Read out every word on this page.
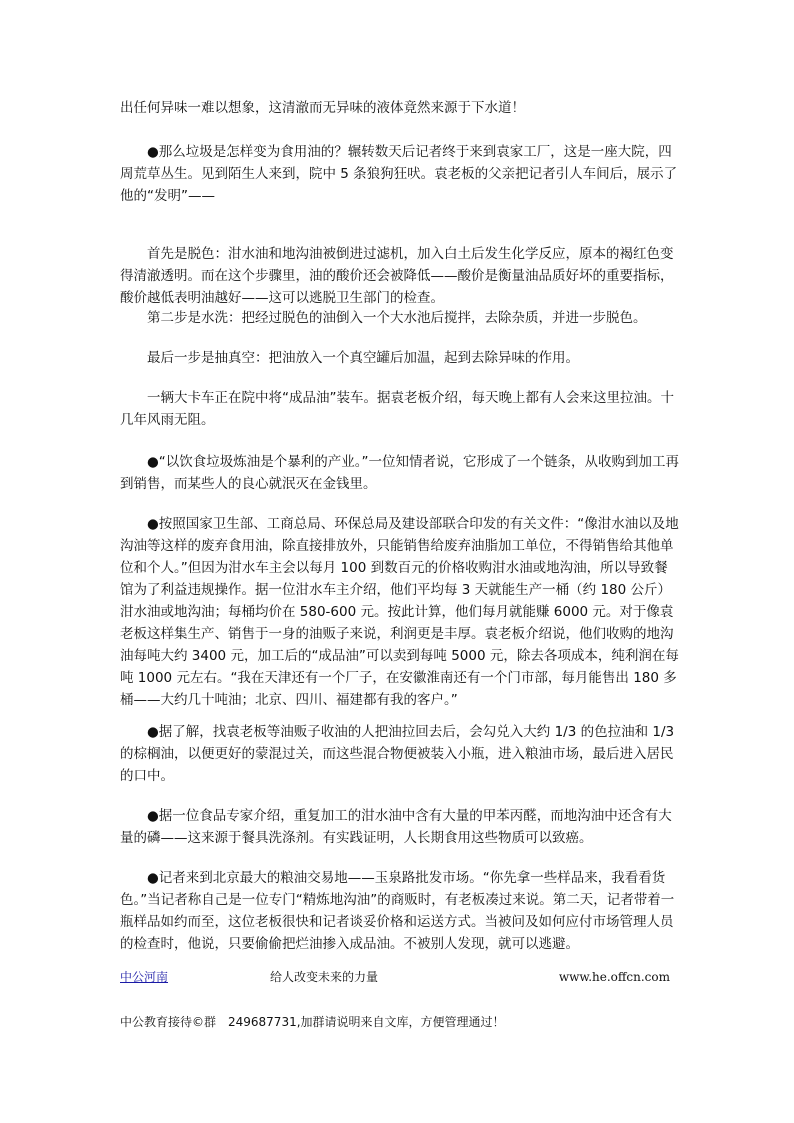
出任何异味一难以想象，这清澈而无异味的液体竟然来源于下水道！

●那么垃圾是怎样变为食用油的？辗转数天后记者终于来到袁家工厂，这是一座大院，四周荒草丛生。见到陌生人来到，院中 5 条狼狗狂吠。袁老板的父亲把记者引人车间后，展示了他的“发明”——

首先是脱色：泔水油和地沟油被倒进过滤机，加入白土后发生化学反应，原本的褐红色变得清澈透明。而在这个步骤里，油的酸价还会被降低——酸价是衡量油品质好坏的重要指标，酸价越低表明油越好——这可以逃脱卫生部门的检查。

第二步是水洗：把经过脱色的油倒入一个大水池后搅拌，去除杂质，并进一步脱色。

最后一步是抽真空：把油放入一个真空罐后加温，起到去除异味的作用。

一辆大卡车正在院中将“成品油”装车。据袁老板介绍，每天晚上都有人会来这里拉油。十几年风雨无阻。

●“以饮食垃圾炼油是个暴利的产业。”一位知情者说，它形成了一个链条，从收购到加工再到销售，而某些人的良心就泯灭在金钱里。

●按照国家卫生部、工商总局、环保总局及建设部联合印发的有关文件：“像泔水油以及地沟油等这样的废弃食用油，除直接排放外，只能销售给废弃油脂加工单位，不得销售给其他单位和个人。”但因为泔水车主会以每月 100 到数百元的价格收购泔水油或地沟油，所以导致餐馆为了利益违规操作。据一位泔水车主介绍，他们平均每 3 天就能生产一桶（约 180 公斤）泔水油或地沟油；每桶均价在 580-600 元。按此计算，他们每月就能赚 6000 元。对于像袁老板这样集生产、销售于一身的油贩子来说，利润更是丰厚。袁老板介绍说，他们收购的地沟油每吨大约 3400 元，加工后的“成品油”可以卖到每吨 5000 元，除去各项成本，纯利润在每吨 1000 元左右。“我在天津还有一个厂子，在安徽淮南还有一个门市部，每月能售出 180 多桶——大约几十吨油；北京、四川、福建都有我的客户。”

●据了解，找袁老板等油贩子收油的人把油拉回去后，会勾兑入大约 1/3 的色拉油和 1/3 的棕榈油，以便更好的蒙混过关，而这些混合物便被装入小瓶，进入粮油市场，最后进入居民的口中。

●据一位食品专家介绍，重复加工的泔水油中含有大量的甲苯丙醛，而地沟油中还含有大量的磷——这来源于餐具洗涤剂。有实践证明，人长期食用这些物质可以致癌。

●记者来到北京最大的粮油交易地——玉泉路批发市场。“你先拿一些样品来，我看看货色。”当记者称自己是一位专门“精炼地沟油”的商贩时，有老板凑过来说。第二天，记者带着一瓶样品如约而至，这位老板很快和记者谈妥价格和运送方式。当被问及如何应付市场管理人员的检查时，他说，只要偷偷把烂油掺入成品油。不被别人发现，就可以逃避。

中公河南	给人改变未来的力量	www.he.offcn.com
中公教育接待©群　249687731,加群请说明来自文库，方便管理通过！
